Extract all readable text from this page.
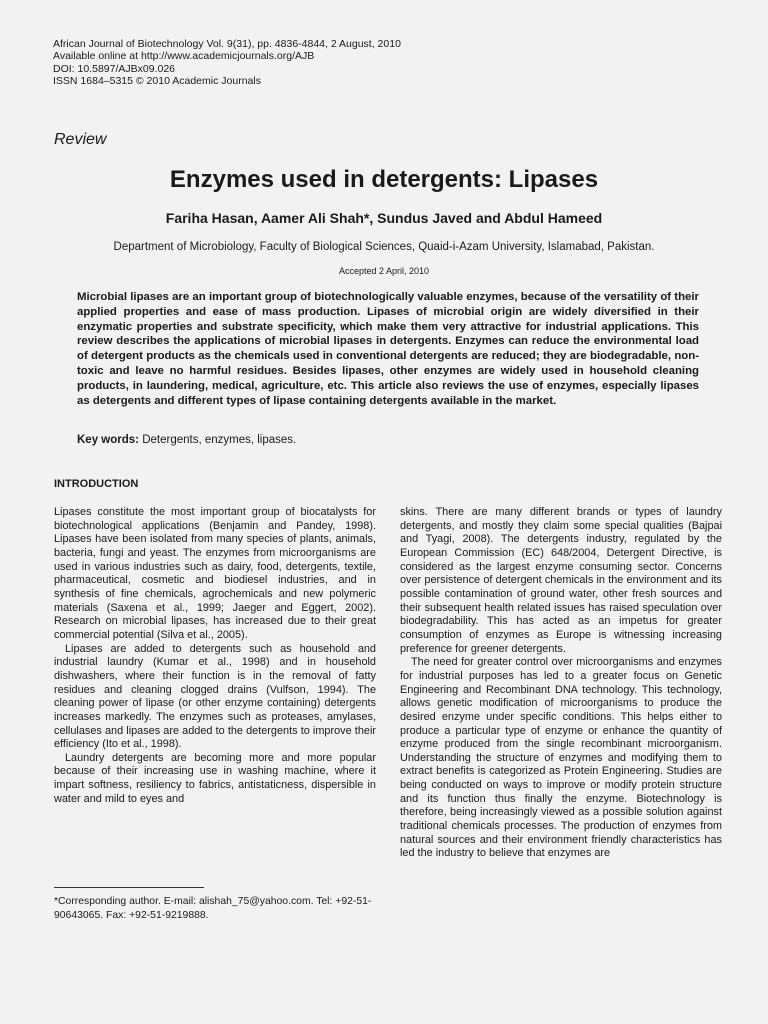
African Journal of Biotechnology Vol. 9(31), pp. 4836-4844, 2 August, 2010
Available online at http://www.academicjournals.org/AJB
DOI: 10.5897/AJBx09.026
ISSN 1684–5315 © 2010 Academic Journals
Review
Enzymes used in detergents: Lipases
Fariha Hasan, Aamer Ali Shah*, Sundus Javed and Abdul Hameed
Department of Microbiology, Faculty of Biological Sciences, Quaid-i-Azam University, Islamabad, Pakistan.
Accepted 2 April, 2010
Microbial lipases are an important group of biotechnologically valuable enzymes, because of the versatility of their applied properties and ease of mass production. Lipases of microbial origin are widely diversified in their enzymatic properties and substrate specificity, which make them very attractive for industrial applications. This review describes the applications of microbial lipases in detergents. Enzymes can reduce the environmental load of detergent products as the chemicals used in conventional detergents are reduced; they are biodegradable, non-toxic and leave no harmful residues. Besides lipases, other enzymes are widely used in household cleaning products, in laundering, medical, agriculture, etc. This article also reviews the use of enzymes, especially lipases as detergents and different types of lipase containing detergents available in the market.
Key words: Detergents, enzymes, lipases.
INTRODUCTION

Lipases constitute the most important group of biocatalysts for biotechnological applications (Benjamin and Pandey, 1998). Lipases have been isolated from many species of plants, animals, bacteria, fungi and yeast. The enzymes from microorganisms are used in various industries such as dairy, food, detergents, textile, pharmaceutical, cosmetic and biodiesel industries, and in synthesis of fine chemicals, agrochemicals and new polymeric materials (Saxena et al., 1999; Jaeger and Eggert, 2002). Research on microbial lipases, has increased due to their great commercial potential (Silva et al., 2005).

Lipases are added to detergents such as household and industrial laundry (Kumar et al., 1998) and in household dishwashers, where their function is in the removal of fatty residues and cleaning clogged drains (Vulfson, 1994). The cleaning power of lipase (or other enzyme containing) detergents increases markedly. The enzymes such as proteases, amylases, cellulases and lipases are added to the detergents to improve their efficiency (Ito et al., 1998).

Laundry detergents are becoming more and more popular because of their increasing use in washing machine, where it impart softness, resiliency to fabrics, antistaticness, dispersible in water and mild to eyes and

skins. There are many different brands or types of laundry detergents, and mostly they claim some special qualities (Bajpai and Tyagi, 2008). The detergents industry, regulated by the European Commission (EC) 648/2004, Detergent Directive, is considered as the largest enzyme consuming sector. Concerns over persistence of detergent chemicals in the environment and its possible contamination of ground water, other fresh sources and their subsequent health related issues has raised speculation over biodegradability. This has acted as an impetus for greater consumption of enzymes as Europe is witnessing increasing preference for greener detergents.

The need for greater control over microorganisms and enzymes for industrial purposes has led to a greater focus on Genetic Engineering and Recombinant DNA technology. This technology, allows genetic modification of microorganisms to produce the desired enzyme under specific conditions. This helps either to produce a particular type of enzyme or enhance the quantity of enzyme produced from the single recombinant microorganism. Understanding the structure of enzymes and modifying them to extract benefits is categorized as Protein Engineering. Studies are being conducted on ways to improve or modify protein structure and its function thus finally the enzyme. Biotechnology is therefore, being increasingly viewed as a possible solution against traditional chemicals processes. The production of enzymes from natural sources and their environment friendly characteristics has led the industry to believe that enzymes are

*Corresponding author. E-mail: alishah_75@yahoo.com. Tel: +92-51-90643065. Fax: +92-51-9219888.
